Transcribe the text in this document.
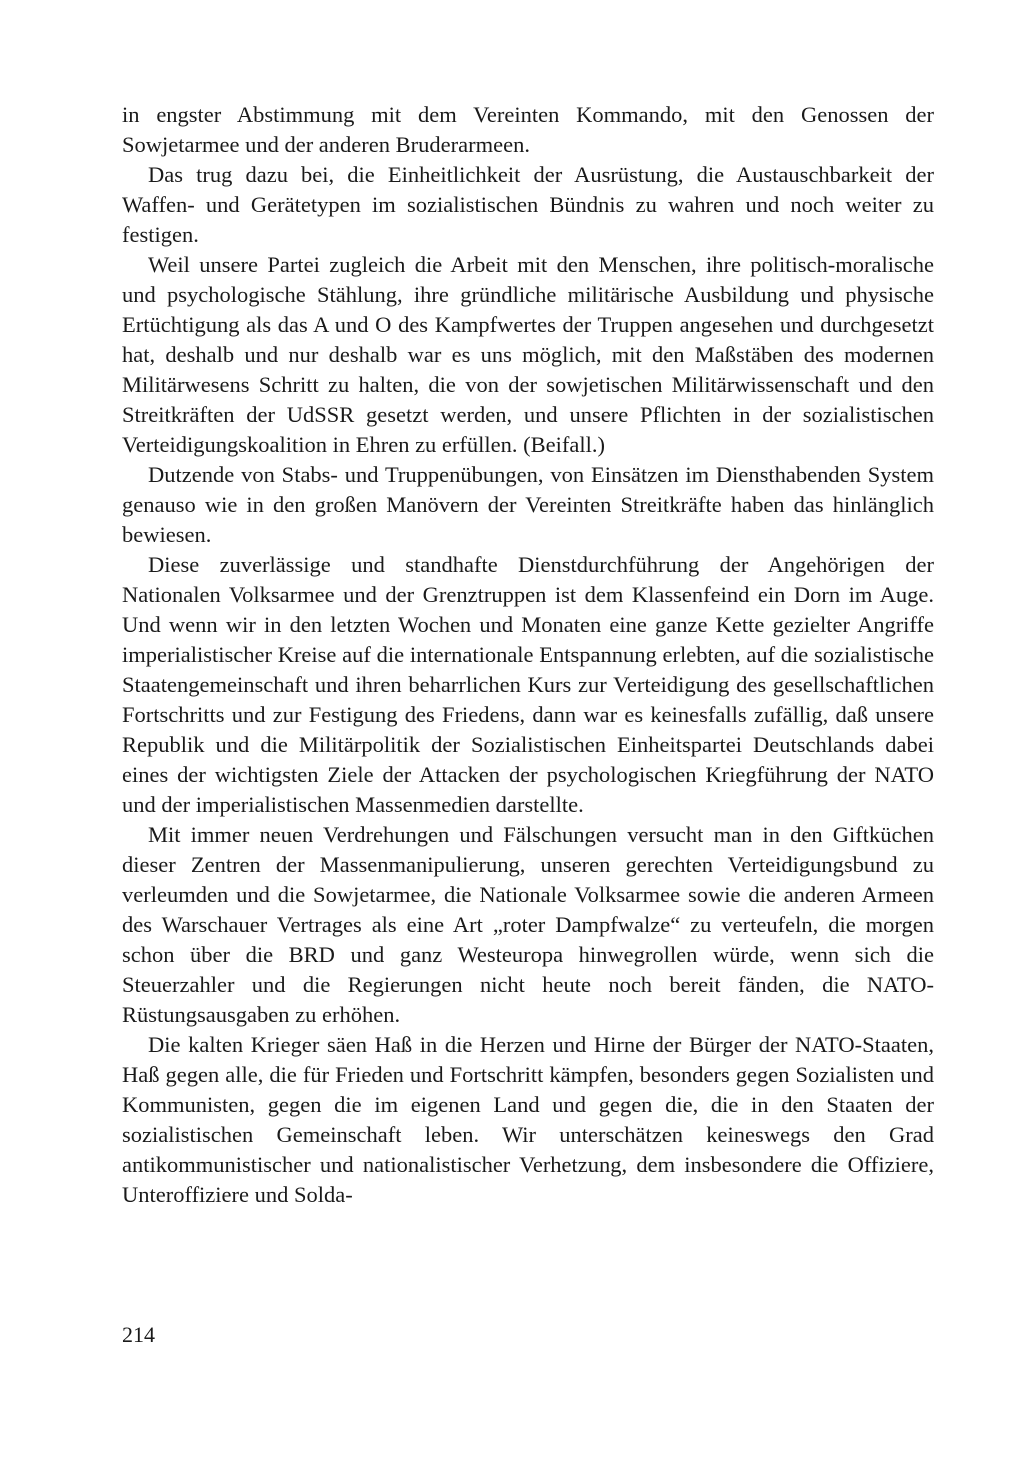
in engster Abstimmung mit dem Vereinten Kommando, mit den Genossen der Sowjetarmee und der anderen Bruderarmeen.

Das trug dazu bei, die Einheitlichkeit der Ausrüstung, die Austauschbarkeit der Waffen- und Gerätetypen im sozialistischen Bündnis zu wahren und noch weiter zu festigen.

Weil unsere Partei zugleich die Arbeit mit den Menschen, ihre politisch-moralische und psychologische Stählung, ihre gründliche militärische Ausbildung und physische Ertüchtigung als das A und O des Kampfwertes der Truppen angesehen und durchgesetzt hat, deshalb und nur deshalb war es uns möglich, mit den Maßstäben des modernen Militärwesens Schritt zu halten, die von der sowjetischen Militärwissenschaft und den Streitkräften der UdSSR gesetzt werden, und unsere Pflichten in der sozialistischen Verteidigungskoalition in Ehren zu erfüllen. (Beifall.)

Dutzende von Stabs- und Truppenübungen, von Einsätzen im Diensthabenden System genauso wie in den großen Manövern der Vereinten Streitkräfte haben das hinlänglich bewiesen.

Diese zuverlässige und standhafte Dienstdurchführung der Angehörigen der Nationalen Volksarmee und der Grenztruppen ist dem Klassenfeind ein Dorn im Auge. Und wenn wir in den letzten Wochen und Monaten eine ganze Kette gezielter Angriffe imperialistischer Kreise auf die internationale Entspannung erlebten, auf die sozialistische Staatengemeinschaft und ihren beharrlichen Kurs zur Verteidigung des gesellschaftlichen Fortschritts und zur Festigung des Friedens, dann war es keinesfalls zufällig, daß unsere Republik und die Militärpolitik der Sozialistischen Einheitspartei Deutschlands dabei eines der wichtigsten Ziele der Attacken der psychologischen Kriegführung der NATO und der imperialistischen Massenmedien darstellte.

Mit immer neuen Verdrehungen und Fälschungen versucht man in den Giftküchen dieser Zentren der Massenmanipulierung, unseren gerechten Verteidigungsbund zu verleumden und die Sowjetarmee, die Nationale Volksarmee sowie die anderen Armeen des Warschauer Vertrages als eine Art „roter Dampfwalze“ zu verteufeln, die morgen schon über die BRD und ganz Westeuropa hinwegrollen würde, wenn sich die Steuerzahler und die Regierungen nicht heute noch bereit fänden, die NATO-Rüstungsausgaben zu erhöhen.

Die kalten Krieger säen Haß in die Herzen und Hirne der Bürger der NATO-Staaten, Haß gegen alle, die für Frieden und Fortschritt kämpfen, besonders gegen Sozialisten und Kommunisten, gegen die im eigenen Land und gegen die, die in den Staaten der sozialistischen Gemeinschaft leben. Wir unterschätzen keineswegs den Grad antikommunistischer und nationalistischer Verhetzung, dem insbesondere die Offiziere, Unteroffiziere und Solda-

214
